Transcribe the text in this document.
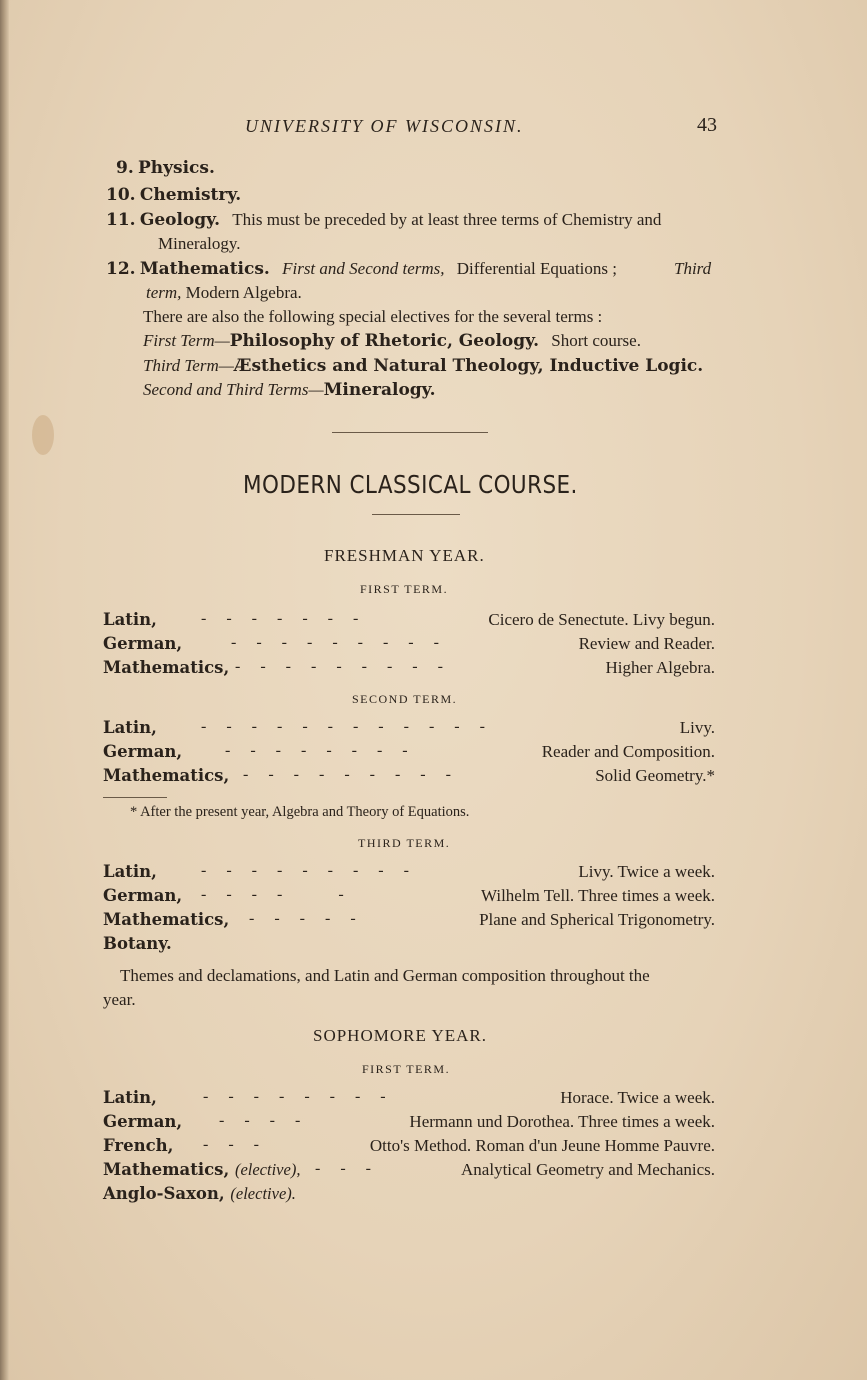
UNIVERSITY OF WISCONSIN.	43
9. Physics.
10. Chemistry.
11. Geology. This must be preceded by at least three terms of Chemistry and
Mineralogy.
12. Mathematics. First and Second terms, Differential Equations ;	Third
term, Modern Algebra.
There are also the following special electives for the several terms :
First Term—Philosophy of Rhetoric, Geology. Short course.
Third Term—Æsthetics and Natural Theology, Inductive Logic.
Second and Third Terms—Mineralogy.
MODERN CLASSICAL COURSE.
FRESHMAN YEAR.
FIRST TERM.
Latin,	-     -     -     -     -     -     -	Cicero de Senectute. Livy begun.
German,	-     -     -     -     -     -     -     -     -	Review and Reader.
Mathematics, -     -     -     -     -     -     -     -     -	Higher Algebra.
SECOND TERM.
Latin,	-     -     -     -     -     -     -     -     -     -     -     -	Livy.
German,	-     -     -     -     -     -     -     -	Reader and Composition.
Mathematics, -     -     -     -     -     -     -     -     -	Solid Geometry.*
* After the present year, Algebra and Theory of Equations.
THIRD TERM.
Latin,	-     -     -     -     -     -     -     -     -	Livy. Twice a week.
German, -     -     -     -              -	Wilhelm Tell. Three times a week.
Mathematics, -     -     -     -     -	Plane and Spherical Trigonometry.
Botany.
Themes and declamations, and Latin and German composition throughout the
year.
SOPHOMORE YEAR.
FIRST TERM.
Latin,	-     -     -     -     -     -     -     -	Horace. Twice a week.
German, -     -     -     -	Hermann und Dorothea. Three times a week.
French, -     -     -	Otto's Method. Roman d'un Jeune Homme Pauvre.
Mathematics, (elective), -     -     -	Analytical Geometry and Mechanics.
Anglo-Saxon, (elective).
